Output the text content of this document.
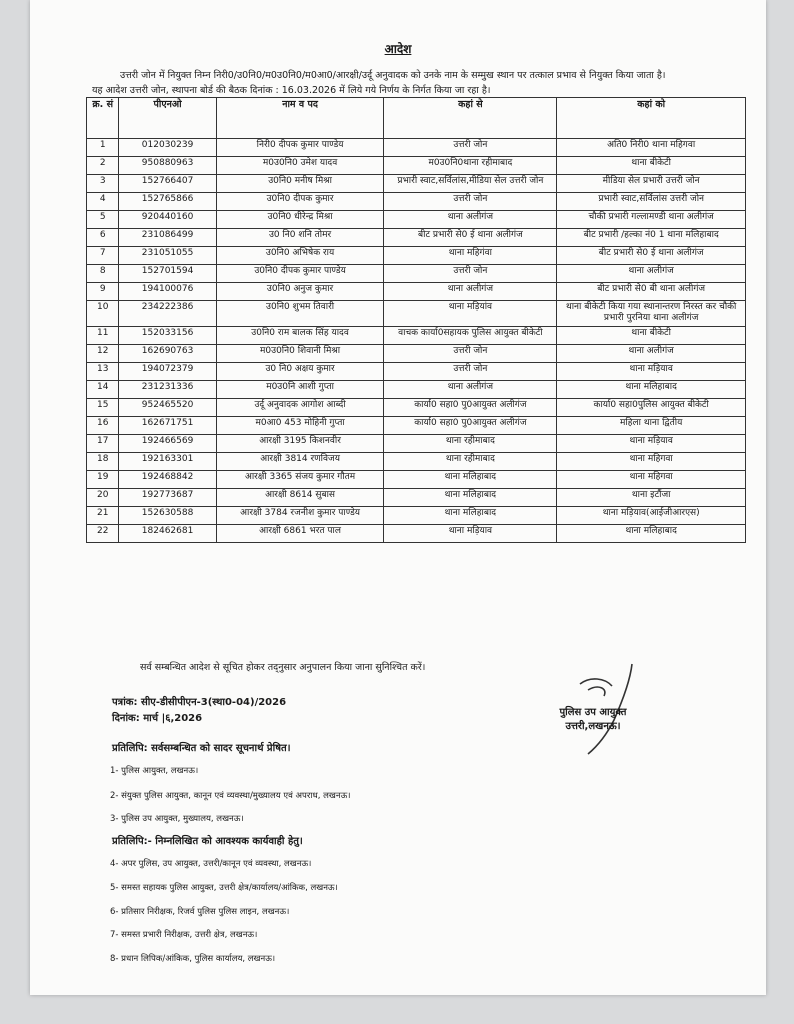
आदेश
उत्तरी जोन में नियुक्त निम्न निरी0/उ0नि0/म0उ0नि0/म0आ0/आरक्षी/उर्दू अनुवादक को उनके नाम के सम्मुख स्थान पर तत्काल प्रभाव से नियुक्त किया जाता है।
यह आदेश उत्तरी जोन, स्थापना बोर्ड की बैठक दिनांक : 16.03.2026 में लिये गये निर्णय के निर्गत किया जा रहा है।
क्र. सं	पीएनओ	नाम व पद	कहां से	कहां को
1	012030239	निरी0 दीपक कुमार पाण्डेय	उत्तरी जोन	अति0 निरी0 थाना महिगवा
2	950880963	म0उ0नि0 उमेश यादव	म0उ0नि0थाना रहीमाबाद	थाना बीकेटी
3	152766407	उ0नि0 मनीष मिश्रा	प्रभारी स्वाट,सर्विलांस,मीडिया सेल उत्तरी जोन	मीडिया सेल प्रभारी उत्तरी जोन
4	152765866	उ0नि0 दीपक कुमार	उत्तरी जोन	प्रभारी स्वाट,सर्विलांस उत्तरी जोन
5	920440160	उ0नि0 धीरेन्द्र मिश्रा	थाना अलीगंज	चौकी प्रभारी गल्लामण्डी थाना अलीगंज
6	231086499	उ0 नि0 शनि तोमर	बीट प्रभारी से0 ई थाना अलीगंज	बीट प्रभारी /हल्का नं0 1 थाना मलिहाबाद
7	231051055	उ0नि0 अभिषेक राय	थाना महिगंवा	बीट प्रभारी से0 ई थाना अलीगंज
8	152701594	उ0नि0 दीपक कुमार पाण्डेय	उत्तरी जोन	थाना अलीगंज
9	194100076	उ0नि0 अनुज कुमार	थाना अलीगंज	बीट प्रभारी से0 बी थाना अलीगंज
10	234222386	उ0नि0 शुभम तिवारी	थाना मड़ियांव	थाना बीकेटी किया गया स्थानान्तरण निरस्त कर चौकी प्रभारी पुरनिया थाना अलीगंज
11	152033156	उ0नि0 राम बालक सिंह यादव	वाचक कार्या0सहायक पुलिस आयुक्त बीकेटी	थाना बीकेटी
12	162690763	म0उ0नि0 शिवानी मिश्रा	उत्तरी जोन	थाना अलीगंज
13	194072379	उ0 नि0 अक्षय कुमार	उत्तरी जोन	थाना मड़ियाव
14	231231336	म0उ0नि आशी गुप्ता	थाना अलीगंज	थाना मलिहाबाद
15	952465520	उर्दू अनुवादक आगोश आब्दी	कार्या0 सहा0 पु0आयुक्त अलीगंज	कार्या0 सहा0पुलिस आयुक्त बीकेटी
16	162671751	म0आ0 453 मोहिनी गुप्ता	कार्या0 सहा0 पु0आयुक्त अलीगंज	महिला थाना द्वितीय
17	192466569	आरक्षी 3195 किशनवीर	थाना रहीमाबाद	थाना मड़ियाव
18	192163301	आरक्षी 3814 रणविजय	थाना रहीमाबाद	थाना महिगवा
19	192468842	आरक्षी 3365 संजय कुमार गौतम	थाना मलिहाबाद	थाना महिगवा
20	192773687	आरक्षी 8614 सुबास	थाना मलिहाबाद	थाना इटौंजा
21	152630588	आरक्षी 3784 रजनीश कुमार पाण्डेय	थाना मलिहाबाद	थाना मड़ियाव(आईजीआरएस)
22	182462681	आरक्षी 6861 भरत पाल	थाना मड़ियाव	थाना मलिहाबाद
सर्व सम्बन्धित आदेश से सूचित होकर तद्नुसार अनुपालन किया जाना सुनिश्चित करें।
पत्रांक: सीए-डीसीपीएन-3(स्था0-04)/2026
दिनांक: मार्च |६,2026
पुलिस उप आयुक्त
उत्तरी,लखनऊ।
प्रतिलिपि: सर्वसम्बन्धित को सादर सूचनार्थ प्रेषित।
1- पुलिस आयुक्त, लखनऊ।
2- संयुक्त पुलिस आयुक्त, कानून एवं व्यवस्था/मुख्यालय एवं अपराध, लखनऊ।
3- पुलिस उप आयुक्त, मुख्यालय, लखनऊ।
प्रतिलिपि:- निम्नलिखित को आवश्यक कार्यवाही हेतु।
4- अपर पुलिस, उप आयुक्त, उत्तरी/कानून एवं व्यवस्था, लखनऊ।
5- समस्त सहायक पुलिस आयुक्त, उत्तरी क्षेत्र/कार्यालय/आंकिक, लखनऊ।
6- प्रतिसार निरीक्षक, रिजर्व पुलिस पुलिस लाइन, लखनऊ।
7- समस्त प्रभारी निरीक्षक, उत्तरी क्षेत्र, लखनऊ।
8- प्रधान लिपिक/आंकिक, पुलिस कार्यालय, लखनऊ।
